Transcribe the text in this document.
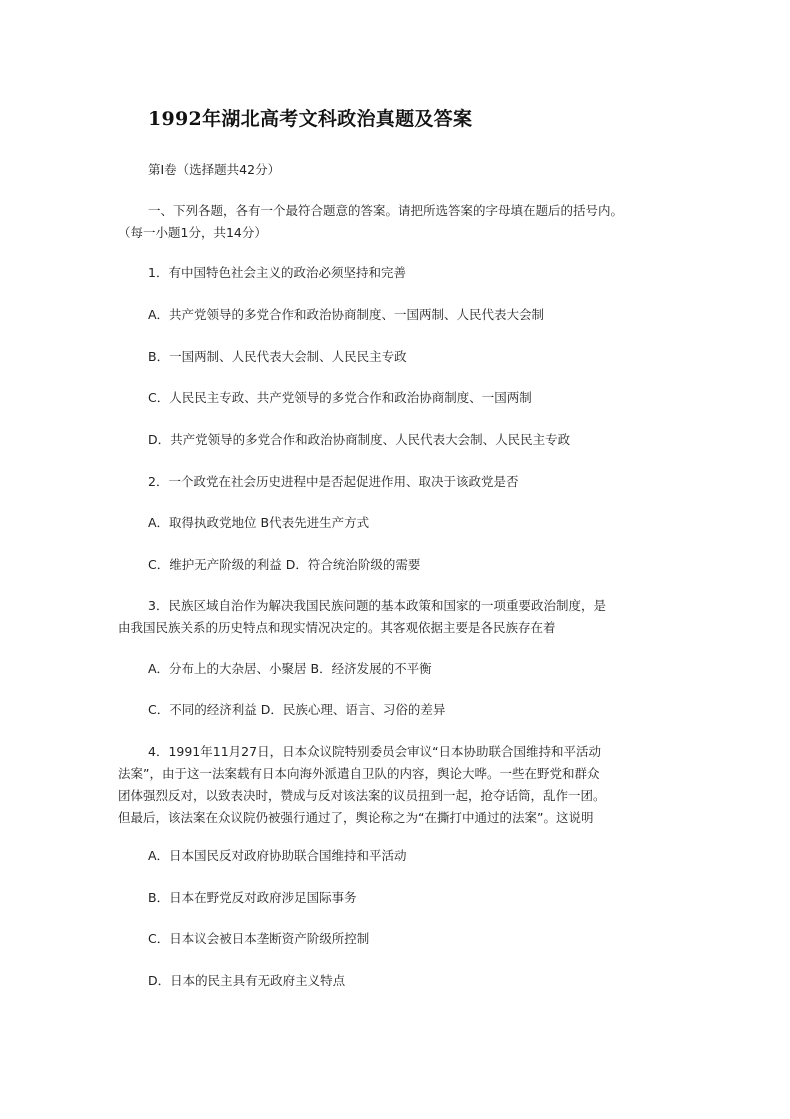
1992年湖北高考文科政治真题及答案
第Ⅰ卷（选择题共42分）
一、下列各题，各有一个最符合题意的答案。请把所选答案的字母填在题后的括号内。
（每一小题1分，共14分）
1．有中国特色社会主义的政治必须坚持和完善
A．共产党领导的多党合作和政治协商制度、一国两制、人民代表大会制
B．一国两制、人民代表大会制、人民民主专政
C．人民民主专政、共产党领导的多党合作和政治协商制度、一国两制
D．共产党领导的多党合作和政治协商制度、人民代表大会制、人民民主专政
2．一个政党在社会历史进程中是否起促进作用、取决于该政党是否
A．取得执政党地位 B代表先进生产方式
C．维护无产阶级的利益 D．符合统治阶级的需要
3．民族区域自治作为解决我国民族问题的基本政策和国家的一项重要政治制度，是
由我国民族关系的历史特点和现实情况决定的。其客观依据主要是各民族存在着
A．分布上的大杂居、小聚居 B．经济发展的不平衡
C．不同的经济利益 D．民族心理、语言、习俗的差异
4．1991年11月27日，日本众议院特别委员会审议“日本协助联合国维持和平活动
法案”，由于这一法案载有日本向海外派遣自卫队的内容，舆论大哗。一些在野党和群众
团体强烈反对，以致表决时，赞成与反对该法案的议员扭到一起，抢夺话筒，乱作一团。
但最后，该法案在众议院仍被强行通过了，舆论称之为“在撕打中通过的法案”。这说明
A．日本国民反对政府协助联合国维持和平活动
B．日本在野党反对政府涉足国际事务
C．日本议会被日本垄断资产阶级所控制
D．日本的民主具有无政府主义特点
